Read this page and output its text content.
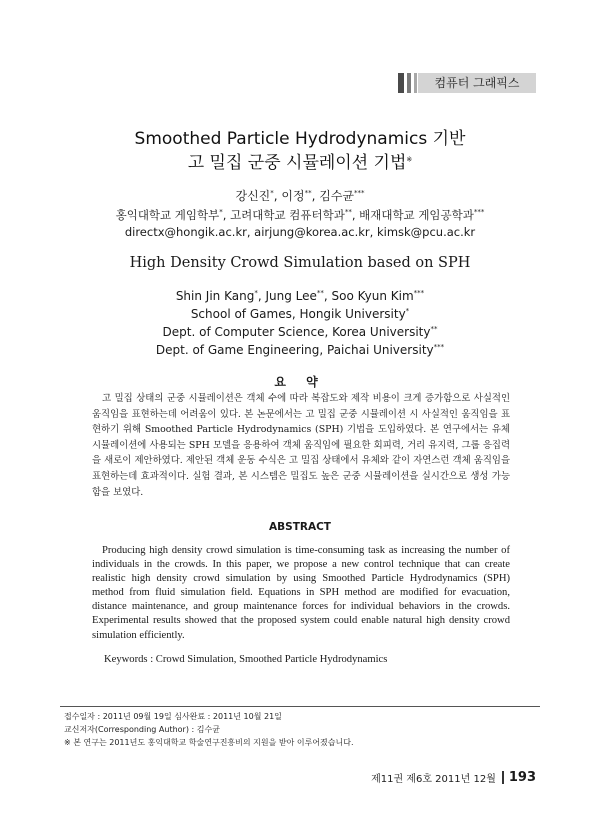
컴퓨터 그래픽스
Smoothed Particle Hydrodynamics 기반
고 밀집 군중 시뮬레이션 기법※
강신진*, 이정**, 김수균***
홍익대학교 게임학부*, 고려대학교 컴퓨터학과**, 배재대학교 게임공학과***
directx@hongik.ac.kr, airjung@korea.ac.kr, kimsk@pcu.ac.kr
High Density Crowd Simulation based on SPH
Shin Jin Kang*, Jung Lee**, Soo Kyun Kim***
School of Games, Hongik University*
Dept. of Computer Science, Korea University**
Dept. of Game Engineering, Paichai University***
요 약
고 밀집 상태의 군중 시뮬레이션은 객체 수에 따라 복잡도와 제작 비용이 크게 증가함으로 사실적인 움직임을 표현하는데 어려움이 있다. 본 논문에서는 고 밀집 군중 시뮬레이션 시 사실적인 움직임을 표현하기 위해 Smoothed Particle Hydrodynamics (SPH) 기법을 도입하였다. 본 연구에서는 유체 시뮬레이션에 사용되는 SPH 모델을 응용하여 객체 움직임에 필요한 회피력, 거리 유지력, 그룹 응집력을 새로이 제안하였다. 제안된 객체 운동 수식은 고 밀집 상태에서 유체와 같이 자연스런 객체 움직임을 표현하는데 효과적이다. 실험 결과, 본 시스템은 밀집도 높은 군중 시뮬레이션을 실시간으로 생성 가능함을 보였다.
ABSTRACT
Producing high density crowd simulation is time-consuming task as increasing the number of individuals in the crowds. In this paper, we propose a new control technique that can create realistic high density crowd simulation by using Smoothed Particle Hydrodynamics (SPH) method from fluid simulation field. Equations in SPH method are modified for evacuation, distance maintenance, and group maintenance forces for individual behaviors in the crowds. Experimental results showed that the proposed system could enable natural high density crowd simulation efficiently.
Keywords : Crowd Simulation, Smoothed Particle Hydrodynamics
접수일자 : 2011년 09월 19일 심사완료 : 2011년 10월 21일
교신저자(Corresponding Author) : 김수균
※ 본 연구는 2011년도 홍익대학교 학술연구진흥비의 지원을 받아 이루어졌습니다.
제11권 제6호 2011년 12월 193
